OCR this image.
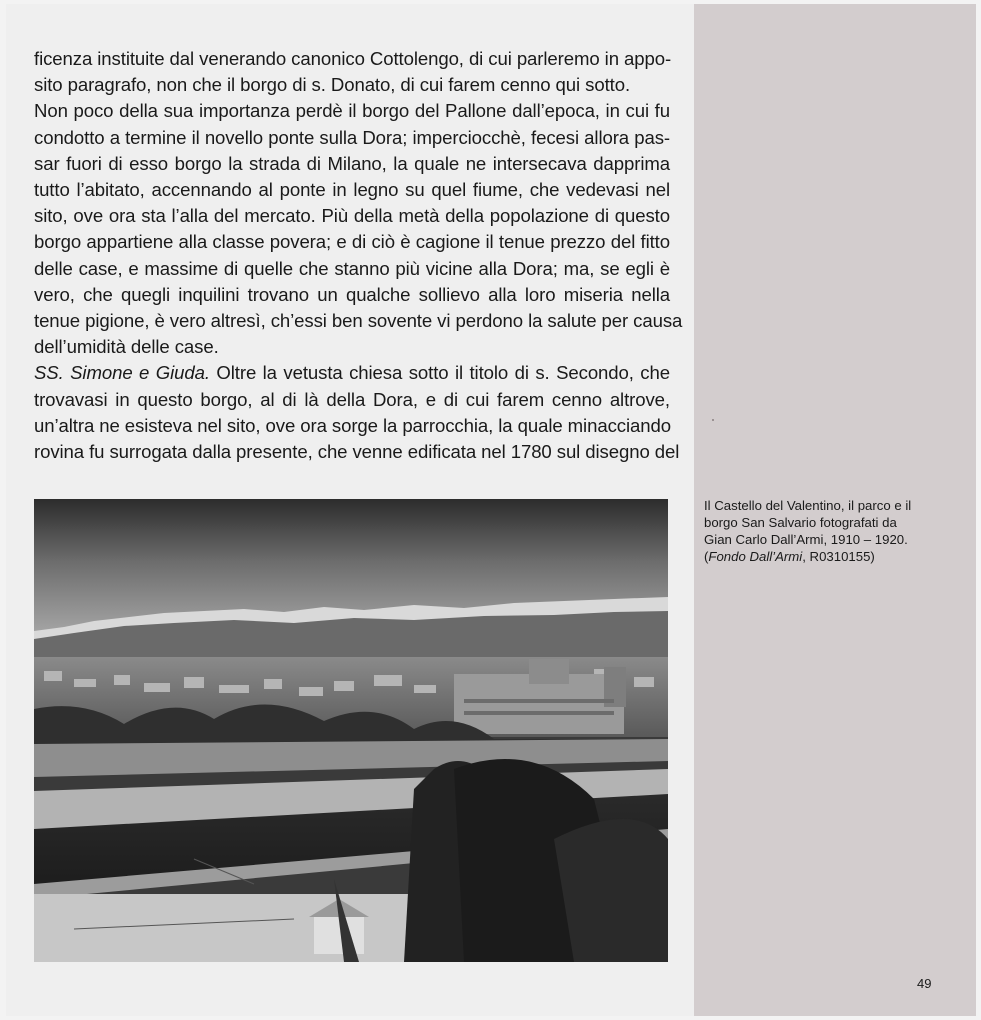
ficenza instituite dal venerando canonico Cottolengo, di cui parleremo in appo-
sito paragrafo, non che il borgo di s. Donato, di cui farem cenno qui sotto.
Non poco della sua importanza perdè il borgo del Pallone dall’epoca, in cui fu
condotto a termine il novello ponte sulla Dora; imperciocchè, fecesi allora pas-
sar fuori di esso borgo la strada di Milano, la quale ne intersecava dapprima
tutto l’abitato, accennando al ponte in legno su quel fiume, che vedevasi nel
sito, ove ora sta l’alla del mercato. Più della metà della popolazione di questo
borgo appartiene alla classe povera; e di ciò è cagione il tenue prezzo del fitto
delle case, e massime di quelle che stanno più vicine alla Dora; ma, se egli è
vero, che quegli inquilini trovano un qualche sollievo alla loro miseria nella
tenue pigione, è vero altresì, ch’essi ben sovente vi perdono la salute per causa
dell’umidità delle case.
SS. Simone e Giuda. Oltre la vetusta chiesa sotto il titolo di s. Secondo, che
trovavasi in questo borgo, al di là della Dora, e di cui farem cenno altrove,
un’altra ne esisteva nel sito, ove ora sorge la parrocchia, la quale minacciando
rovina fu surrogata dalla presente, che venne edificata nel 1780 sul disegno del
Il Castello del Valentino, il parco e il
borgo San Salvario fotografati da
Gian Carlo Dall’Armi, 1910 – 1920.
(Fondo Dall’Armi, R0310155)
49
